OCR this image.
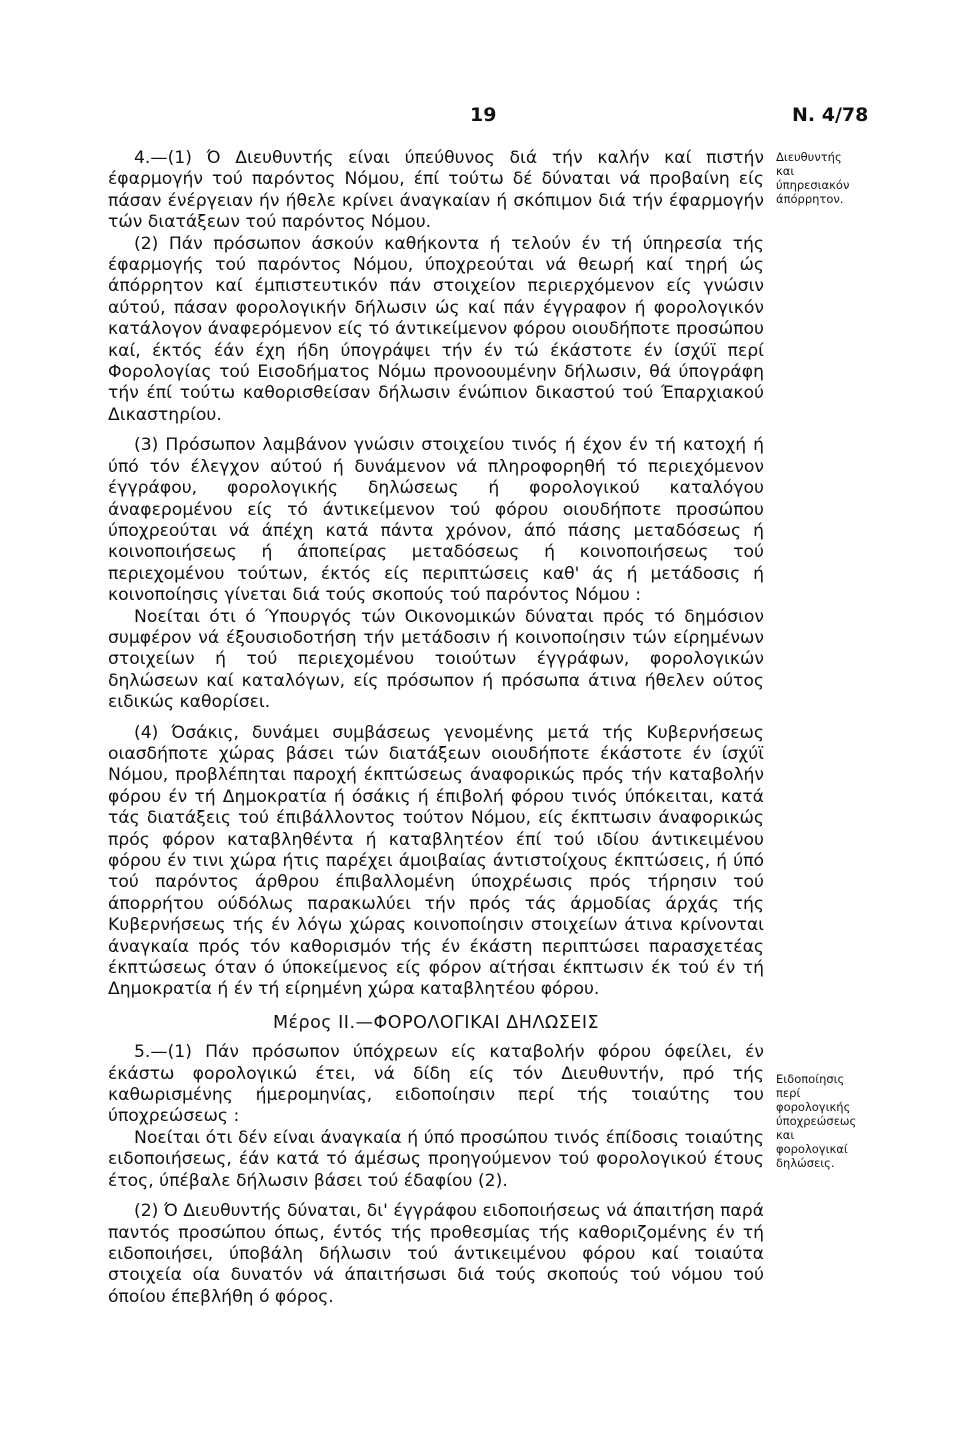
19	N. 4/78
Διευθυντής και ύπηρεσιακόν άπόρρητον.
Ειδοποίησις περί φορολογικής ύποχρεώσεως και φορολογικαί δηλώσεις.

4.—(1) Ό Διευθυντής είναι ύπεύθυνος διά τήν καλήν καί πιστήν έφαρμογήν τού παρόντος Νόμου, έπί τούτω δέ δύναται νά προβαίνη είς πάσαν ένέργειαν ήν ήθελε κρίνει άναγκαίαν ή σκόπιμον διά τήν έφαρμογήν τών διατάξεων τού παρόντος Νόμου.

(2) Πάν πρόσωπον άσκούν καθήκοντα ή τελούν έν τή ύπηρεσία τής έφαρμογής τού παρόντος Νόμου, ύποχρεούται νά θεωρή καί τηρή ώς άπόρρητον καί έμπιστευτικόν πάν στοιχείον περιερχόμενον είς γνώσιν αύτού, πάσαν φορολογικήν δήλωσιν ώς καί πάν έγγραφον ή φορολογικόν κατάλογον άναφερόμενον είς τό άντικείμενον φόρου οιουδήποτε προσώπου καί, έκτός έάν έχη ήδη ύπογράψει τήν έν τώ έκάστοτε έν ίσχύϊ περί Φορολογίας τού Εισοδήματος Νόμω προνοουμένην δήλωσιν, θά ύπογράφη τήν έπί τούτω καθορισθείσαν δήλωσιν ένώπιον δικαστού τού Έπαρχιακού Δικαστηρίου.

(3) Πρόσωπον λαμβάνον γνώσιν στοιχείου τινός ή έχον έν τή κατοχή ή ύπό τόν έλεγχον αύτού ή δυνάμενον νά πληροφορηθή τό περιεχόμενον έγγράφου, φορολογικής δηλώσεως ή φορολογικού καταλόγου άναφερομένου είς τό άντικείμενον τού φόρου οιουδήποτε προσώπου ύποχρεούται νά άπέχη κατά πάντα χρόνον, άπό πάσης μεταδόσεως ή κοινοποιήσεως ή άποπείρας μεταδόσεως ή κοινοποιήσεως τού περιεχομένου τούτων, έκτός είς περιπτώσεις καθ' άς ή μετάδοσις ή κοινοποίησις γίνεται διά τούς σκοπούς τού παρόντος Νόμου :

Νοείται ότι ό Ύπουργός τών Οικονομικών δύναται πρός τό δημόσιον συμφέρον νά έξουσιοδοτήση τήν μετάδοσιν ή κοινοποίησιν τών είρημένων στοιχείων ή τού περιεχομένου τοιούτων έγγράφων, φορολογικών δηλώσεων καί καταλόγων, είς πρόσωπον ή πρόσωπα άτινα ήθελεν ούτος ειδικώς καθορίσει.

(4) Όσάκις, δυνάμει συμβάσεως γενομένης μετά τής Κυβερνήσεως οιασδήποτε χώρας βάσει τών διατάξεων οιουδήποτε έκάστοτε έν ίσχύϊ Νόμου, προβλέπηται παροχή έκπτώσεως άναφορικώς πρός τήν καταβολήν φόρου έν τή Δημοκρατία ή όσάκις ή έπιβολή φόρου τινός ύπόκειται, κατά τάς διατάξεις τού έπιβάλλοντος τούτον Νόμου, είς έκπτωσιν άναφορικώς πρός φόρον καταβληθέντα ή καταβλητέον έπί τού ιδίου άντικειμένου φόρου έν τινι χώρα ήτις παρέχει άμοιβαίας άντιστοίχους έκπτώσεις, ή ύπό τού παρόντος άρθρου έπιβαλλομένη ύποχρέωσις πρός τήρησιν τού άπορρήτου ούδόλως παρακωλύει τήν πρός τάς άρμοδίας άρχάς τής Κυβερνήσεως τής έν λόγω χώρας κοινοποίησιν στοιχείων άτινα κρίνονται άναγκαία πρός τόν καθορισμόν τής έν έκάστη περιπτώσει παρασχετέας έκπτώσεως όταν ό ύποκείμενος είς φόρον αίτήσαι έκπτωσιν έκ τού έν τή Δημοκρατία ή έν τή είρημένη χώρα καταβλητέου φόρου.

Μέρος ΙΙ.—ΦΟΡΟΛΟΓΙΚΑΙ ΔΗΛΩΣΕΙΣ

5.—(1) Πάν πρόσωπον ύπόχρεων είς καταβολήν φόρου όφείλει, έν έκάστω φορολογικώ έτει, νά δίδη είς τόν Διευθυντήν, πρό τής καθωρισμένης ήμερομηνίας, ειδοποίησιν περί τής τοιαύτης του ύποχρεώσεως :

Νοείται ότι δέν είναι άναγκαία ή ύπό προσώπου τινός έπίδοσις τοιαύτης ειδοποιήσεως, έάν κατά τό άμέσως προηγούμενον τού φορολογικού έτους έτος, ύπέβαλε δήλωσιν βάσει τού έδαφίου (2).

(2) Ό Διευθυντής δύναται, δι' έγγράφου ειδοποιήσεως νά άπαιτήση παρά παντός προσώπου όπως, έντός τής προθεσμίας τής καθοριζομένης έν τή ειδοποιήσει, ύποβάλη δήλωσιν τού άντικειμένου φόρου καί τοιαύτα στοιχεία οία δυνατόν νά άπαιτήσωσι διά τούς σκοπούς τού νόμου τού όποίου έπεβλήθη ό φόρος.
